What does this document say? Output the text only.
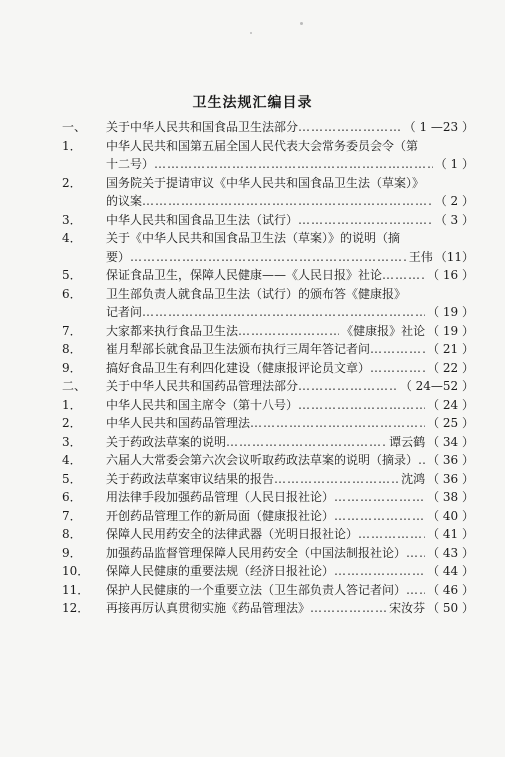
卫生法规汇编目录
一、	关于中华人民共和国食品卫生法部分 ……………………………………………………………………………………………………………………………………	（ 1 —23 ）
1．	中华人民共和国第五届全国人民代表大会常务委员会令（第
十二号） ……………………………………………………………………………………………………………………………………	（ 1 ）
2．	国务院关于提请审议《中华人民共和国食品卫生法（草案）》
的议案 ……………………………………………………………………………………………………………………………………	（ 2 ）
3．	中华人民共和国食品卫生法（试行） ……………………………………………………………………………………………………………………………………	（ 3 ）
4．	关于《中华人民共和国食品卫生法（草案）》的说明（摘
要） ……………………………………………………………………………………………………………………………………	王伟 （11）
5．	保证食品卫生，保障人民健康——《人民日报》社论 ……………………………………………………………………………………………………………………………………	（ 16 ）
6．	卫生部负责人就食品卫生法（试行）的颁布答《健康报》
记者问 ……………………………………………………………………………………………………………………………………	（ 19 ）
7．	大家都来执行食品卫生法 ……………………………………………………………………………………………………………………………………	《健康报》社论 （ 19 ）
8．	崔月犁部长就食品卫生法颁布执行三周年答记者问 ……………………………………………………………………………………………………………………………………	（ 21 ）
9．	搞好食品卫生有利四化建设（健康报评论员文章） ……………………………………………………………………………………………………………………………………	（ 22 ）
二、	关于中华人民共和国药品管理法部分 ……………………………………………………………………………………………………………………………………	（ 24—52 ）
1．	中华人民共和国主席令（第十八号） ……………………………………………………………………………………………………………………………………	（ 24 ）
2．	中华人民共和国药品管理法 ……………………………………………………………………………………………………………………………………	（ 25 ）
3．	关于药政法草案的说明 ……………………………………………………………………………………………………………………………………	谭云鹤 （ 34 ）
4．	六届人大常委会第六次会议听取药政法草案的说明（摘录） …………………………………………………………………………………………………………………………………… （ 36 ）
5．	关于药政法草案审议结果的报告 ……………………………………………………………………………………………………………………………………	沈鸿 （ 36 ）
6．	用法律手段加强药品管理（人民日报社论） ……………………………………………………………………………………………………………………………………	（ 38 ）
7．	开创药品管理工作的新局面（健康报社论） ……………………………………………………………………………………………………………………………………	（ 40 ）
8．	保障人民用药安全的法律武器（光明日报社论） ……………………………………………………………………………………………………………………………………	（ 41 ）
9．	加强药品监督管理保障人民用药安全（中国法制报社论） …………………………………………………………………………………………………………………………………… （ 43 ）
10．	保障人民健康的重要法规（经济日报社论） ……………………………………………………………………………………………………………………………………	（ 44 ）
11．	保护人民健康的一个重要立法（卫生部负责人答记者问） …………………………………………………………………………………………………………………………………… （ 46 ）
12．	再接再厉认真贯彻实施《药品管理法》 ……………………………………………………………………………………………………………………………………	宋汝芬 （ 50 ）
